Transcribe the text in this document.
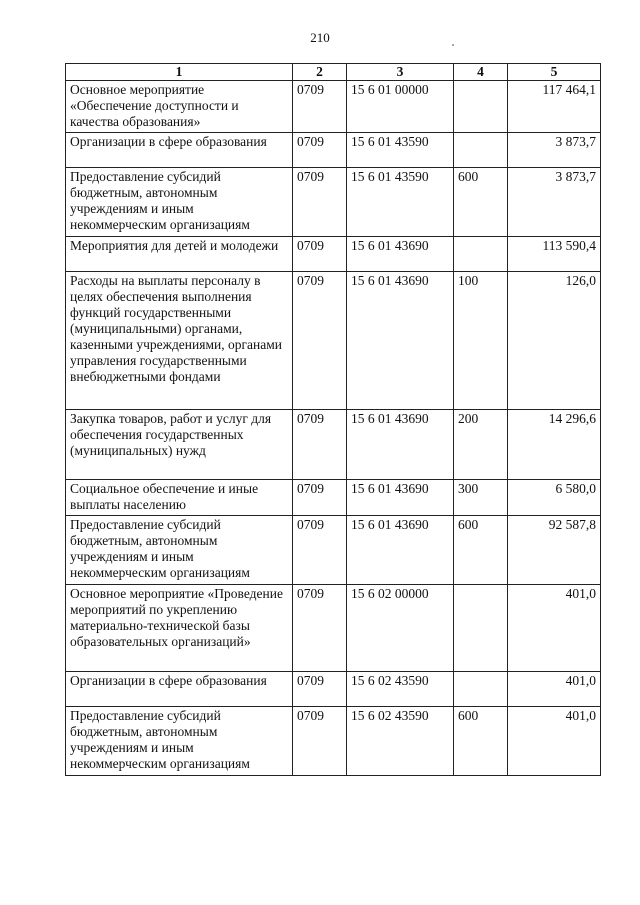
210
1	2	3	4	5
Основное мероприятие «Обеспечение доступности и качества образования»	0709	15 6 01 00000		117 464,1
Организации в сфере образования	0709	15 6 01 43590		3 873,7
Предоставление субсидий бюджетным, автономным учреждениям и иным некоммерческим организациям	0709	15 6 01 43590	600	3 873,7
Мероприятия для детей и молодежи	0709	15 6 01 43690		113 590,4
Расходы на выплаты персоналу в целях обеспечения выполнения функций государственными (муниципальными) органами, казенными учреждениями, органами управления государственными внебюджетными фондами	0709	15 6 01 43690	100	126,0
Закупка товаров, работ и услуг для обеспечения государственных (муниципальных) нужд	0709	15 6 01 43690	200	14 296,6
Социальное обеспечение и иные выплаты населению	0709	15 6 01 43690	300	6 580,0
Предоставление субсидий бюджетным, автономным учреждениям и иным некоммерческим организациям	0709	15 6 01 43690	600	92 587,8
Основное мероприятие «Проведение мероприятий по укреплению материально-технической базы образовательных организаций»	0709	15 6 02 00000		401,0
Организации в сфере образования	0709	15 6 02 43590		401,0
Предоставление субсидий бюджетным, автономным учреждениям и иным некоммерческим организациям	0709	15 6 02 43590	600	401,0
